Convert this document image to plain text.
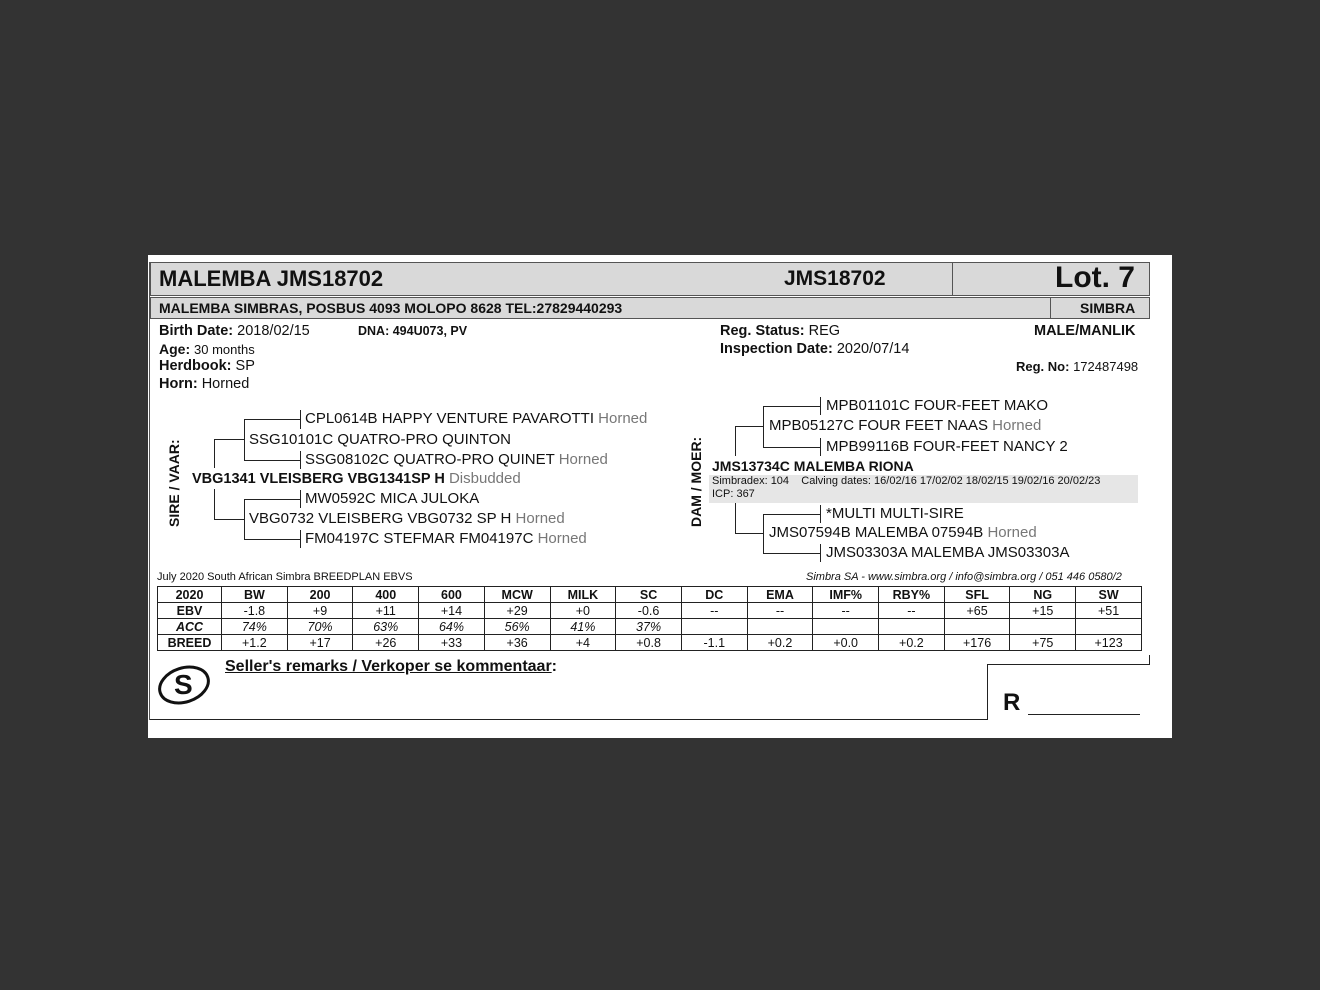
MALEMBA JMS18702	JMS18702	Lot. 7
MALEMBA SIMBRAS, POSBUS 4093 MOLOPO 8628 TEL:27829440293	SIMBRA
Birth Date: 2018/02/15	DNA: 494U073, PV
Age: 30 months
Herdbook: SP
Horn: Horned
Reg. Status: REG
Inspection Date: 2020/07/14
MALE/MANLIK
Reg. No: 172487498
SIRE / VAAR:
CPL0614B HAPPY VENTURE PAVAROTTI Horned
SSG10101C QUATRO-PRO QUINTON
SSG08102C QUATRO-PRO QUINET Horned
VBG1341 VLEISBERG VBG1341SP H Disbudded
MW0592C MICA JULOKA
VBG0732 VLEISBERG VBG0732 SP H Horned
FM04197C STEFMAR FM04197C Horned
DAM / MOER:
MPB01101C FOUR-FEET MAKO
MPB05127C FOUR FEET NAAS Horned
MPB99116B FOUR-FEET NANCY 2
JMS13734C MALEMBA RIONA
Simbradex: 104 Calving dates: 16/02/16 17/02/02 18/02/15 19/02/16 20/02/23
ICP: 367
*MULTI MULTI-SIRE
JMS07594B MALEMBA 07594B Horned
JMS03303A MALEMBA JMS03303A
July 2020 South African Simbra BREEDPLAN EBVS	Simbra SA - www.simbra.org / info@simbra.org / 051 446 0580/2
2020	BW	200	400	600	MCW	MILK	SC	DC	EMA	IMF%	RBY%	SFL	NG	SW
EBV	-1.8	+9	+11	+14	+29	+0	-0.6	--	--	--	--	+65	+15	+51
ACC	74%	70%	63%	64%	56%	41%	37%							
BREED	+1.2	+17	+26	+33	+36	+4	+0.8	-1.1	+0.2	+0.0	+0.2	+176	+75	+123
S
Seller's remarks / Verkoper se kommentaar:
R
